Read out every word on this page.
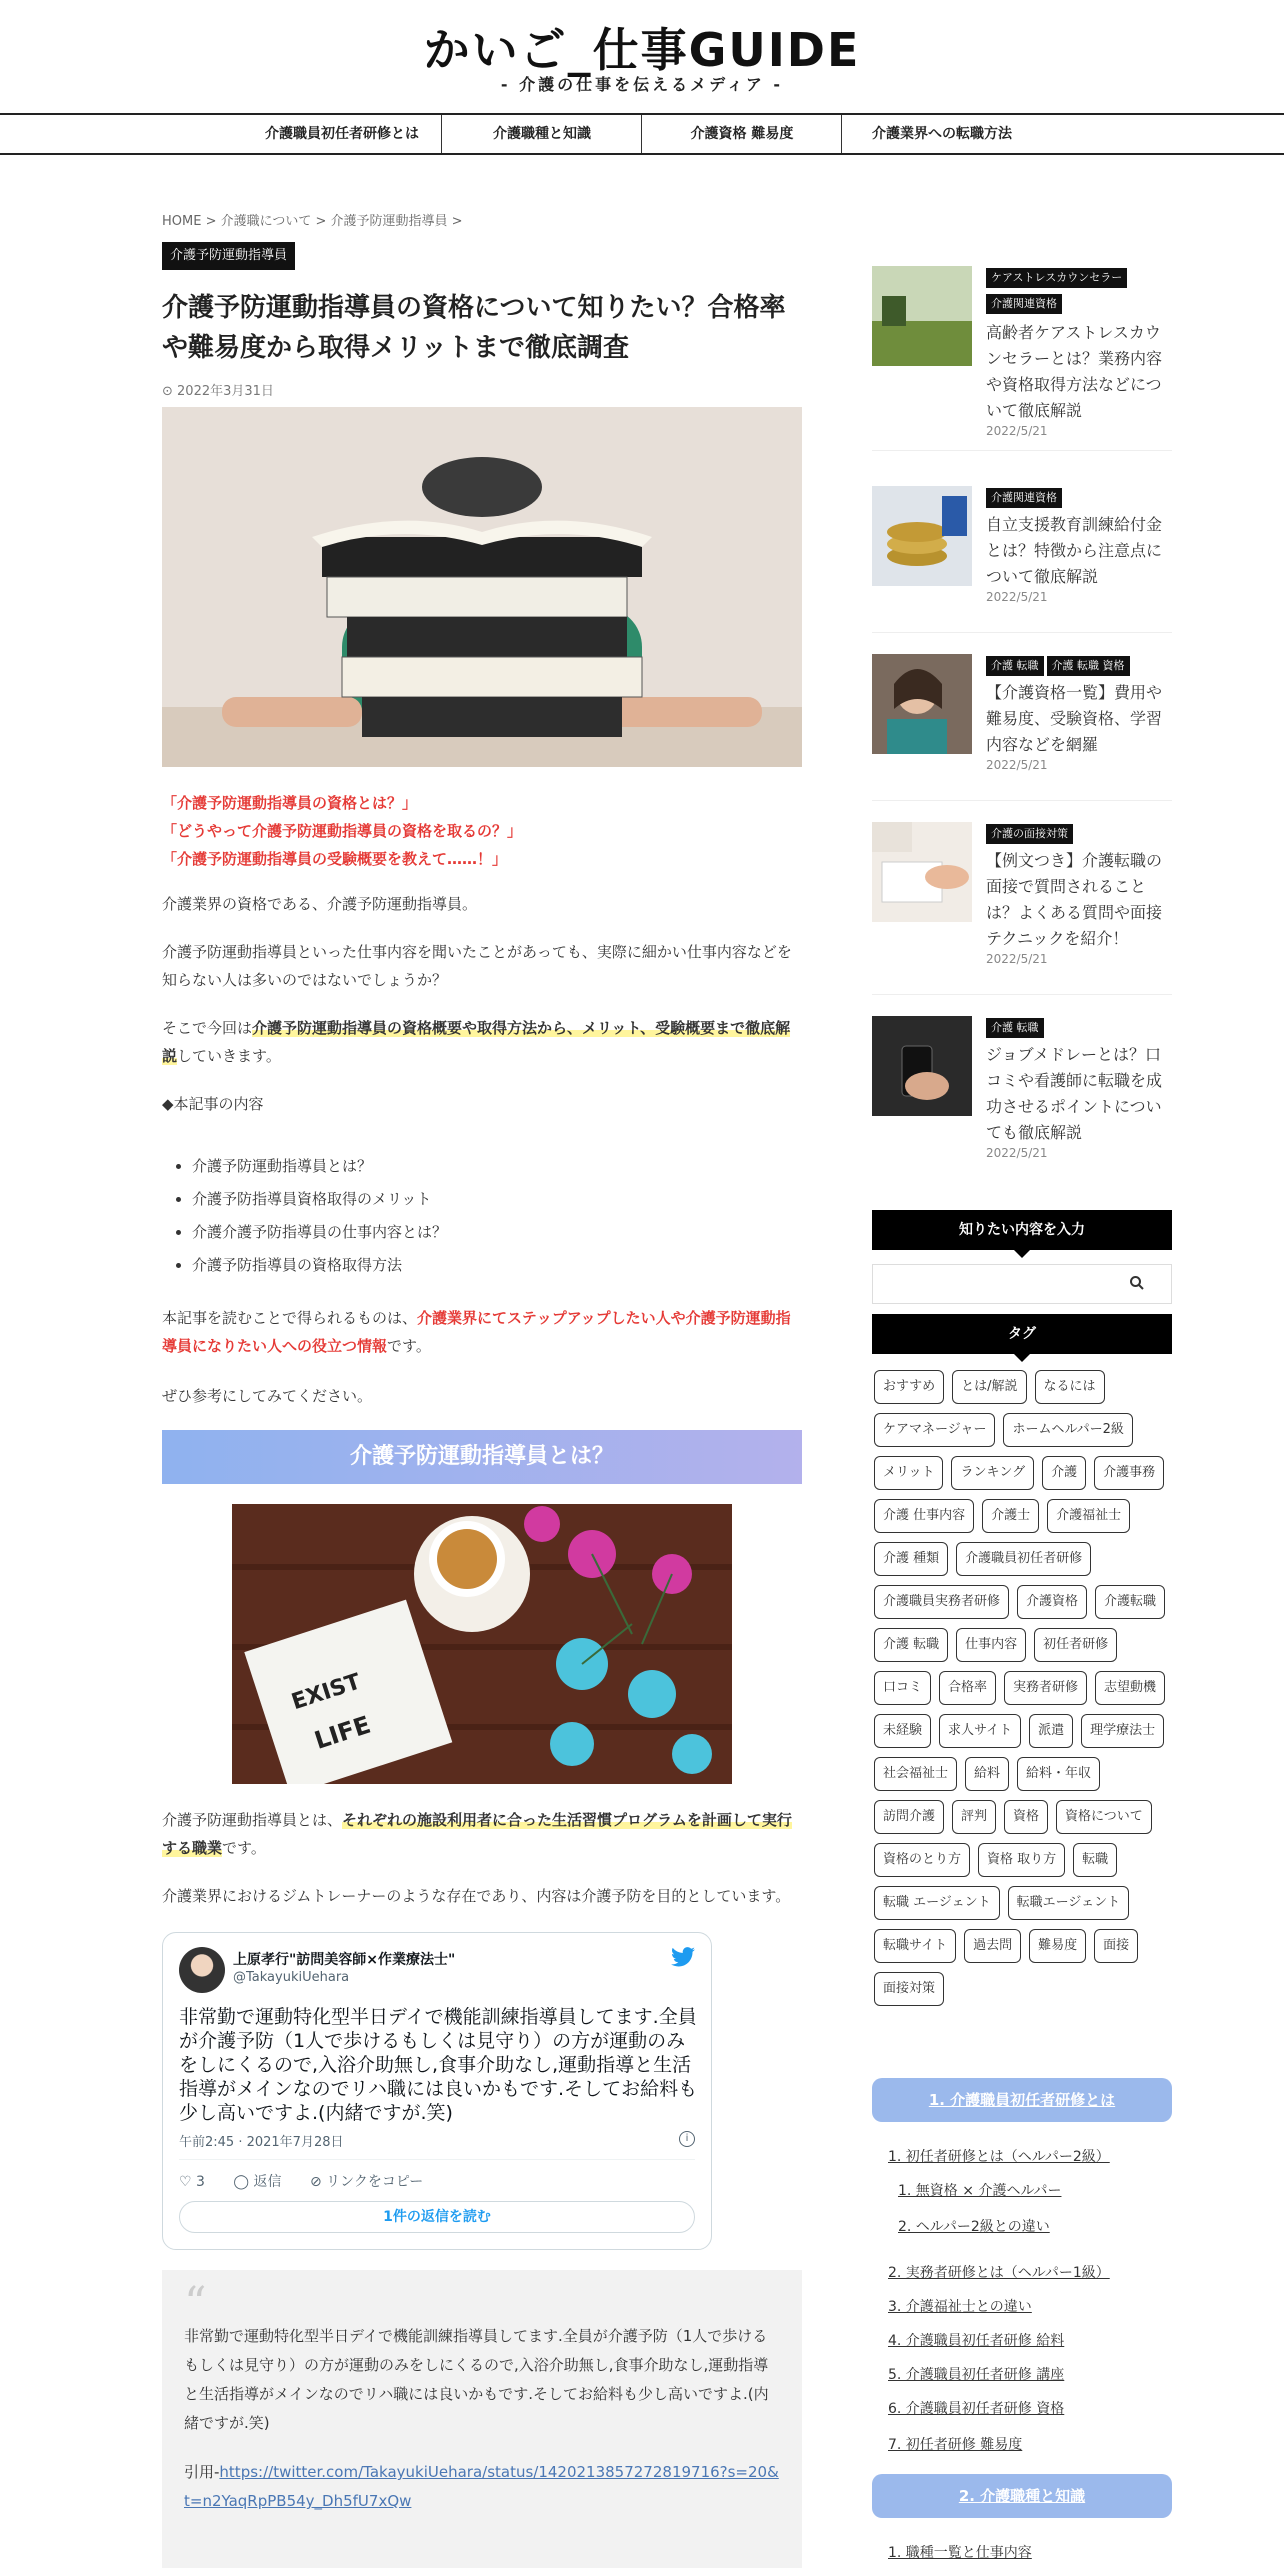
かいご_仕事GUIDE
- 介護の仕事を伝えるメディア -
介護職員初任者研修とは	介護職種と知識	介護資格 難易度	介護業界への転職方法
HOME > 介護職について > 介護予防運動指導員 >
介護予防運動指導員
介護予防運動指導員の資格について知りたい？合格率や難易度から取得メリットまで徹底調査
⊙ 2022年3月31日
「介護予防運動指導員の資格とは？」
「どうやって介護予防運動指導員の資格を取るの？」
「介護予防運動指導員の受験概要を教えて……！」

介護業界の資格である、介護予防運動指導員。

介護予防運動指導員といった仕事内容を聞いたことがあっても、実際に細かい仕事内容などを知らない人は多いのではないでしょうか？

そこで今回は介護予防運動指導員の資格概要や取得方法から、メリット、受験概要まで徹底解説していきます。

◆本記事の内容

• 介護予防運動指導員とは？
• 介護予防指導員資格取得のメリット
• 介護介護予防指導員の仕事内容とは？
• 介護予防指導員の資格取得方法

本記事を読むことで得られるものは、介護業界にてステップアップしたい人や介護予防運動指導員になりたい人への役立つ情報です。

ぜひ参考にしてみてください。

介護予防運動指導員とは？
EXIST
LIFE

介護予防運動指導員とは、それぞれの施設利用者に合った生活習慣プログラムを計画して実行する職業です。

介護業界におけるジムトレーナーのような存在であり、内容は介護予防を目的としています。

上原孝行"訪問美容師×作業療法士"
@TakayukiUehara
非常勤で運動特化型半日デイで機能訓練指導員してます.全員が介護予防（1人で歩けるもしくは見守り）の方が運動のみをしにくるので,入浴介助無し,食事介助なし,運動指導と生活指導がメインなのでリハ職には良いかもです.そしてお給料も少し高いですよ.(内緒ですが.笑)
午前2:45 · 2021年7月28日	i
♡ 3 ◯ 返信 ⊘ リンクをコピー
1件の返信を読む
“
非常勤で運動特化型半日デイで機能訓練指導員してます.全員が介護予防（1人で歩けるもしくは見守り）の方が運動のみをしにくるので,入浴介助無し,食事介助なし,運動指導と生活指導がメインなのでリハ職には良いかもです.そしてお給料も少し高いですよ.(内緒ですが.笑)
引用-https://twitter.com/TakayukiUehara/status/1420213857272819716?s=20&t=n2YaqRpPB54y_Dh5fU7xQw
ケアストレスカウンセラー介護関連資格
高齢者ケアストレスカウンセラーとは？業務内容や資格取得方法などについて徹底解説
2022/5/21
介護関連資格
自立支援教育訓練給付金とは？特徴から注意点について徹底解説
2022/5/21
介護 転職 介護 転職 資格
【介護資格一覧】費用や難易度、受験資格、学習内容などを網羅
2022/5/21
介護の面接対策
【例文つき】介護転職の面接で質問されることは？よくある質問や面接テクニックを紹介！
2022/5/21
介護 転職
ジョブメドレーとは？口コミや看護師に転職を成功させるポイントについても徹底解説
2022/5/21
知りたい内容を入力
タグ
おすすめ とは/解説 なるにはケアマネージャー ホームヘルパー2級メリット ランキング 介護 介護事務介護 仕事内容 介護士 介護福祉士介護 種類 介護職員初任者研修介護職員実務者研修 介護資格 介護転職介護 転職 仕事内容 初任者研修口コミ 合格率 実務者研修 志望動機未経験 求人サイト 派遣 理学療法士社会福祉士 給料 給料・年収訪問介護 評判 資格 資格について資格のとり方 資格 取り方 転職転職 エージェント 転職エージェント転職サイト 過去問 難易度 面接面接対策
1. 介護職員初任者研修とは
1. 初任者研修とは（ヘルパー2級）
1. 無資格 × 介護ヘルパー
2. ヘルパー2級との違い
2. 実務者研修とは（ヘルパー1級）
3. 介護福祉士との違い
4. 介護職員初任者研修 給料
5. 介護職員初任者研修 講座
6. 介護職員初任者研修 資格
7. 初任者研修 難易度
2. 介護職種と知識
1. 職種一覧と仕事内容
